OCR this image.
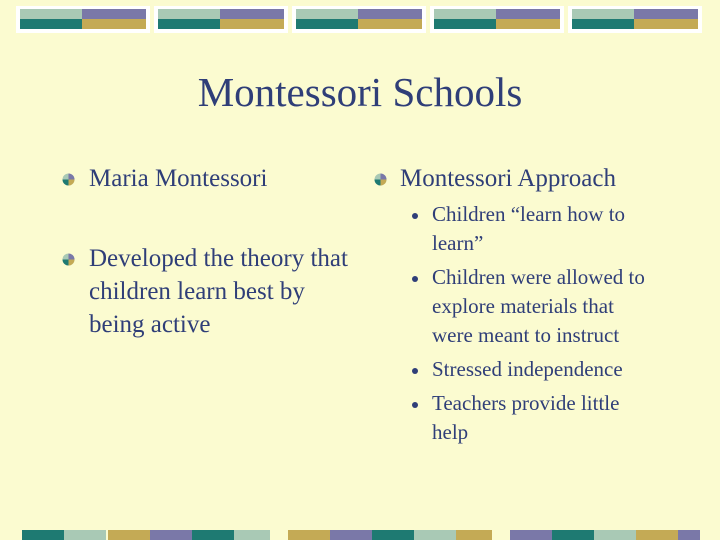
Montessori Schools
Maria Montessori
Developed the theory that children learn best by being active
Montessori Approach
Children “learn how to learn”
Children were allowed to explore materials that were meant to instruct
Stressed independence
Teachers provide little help
